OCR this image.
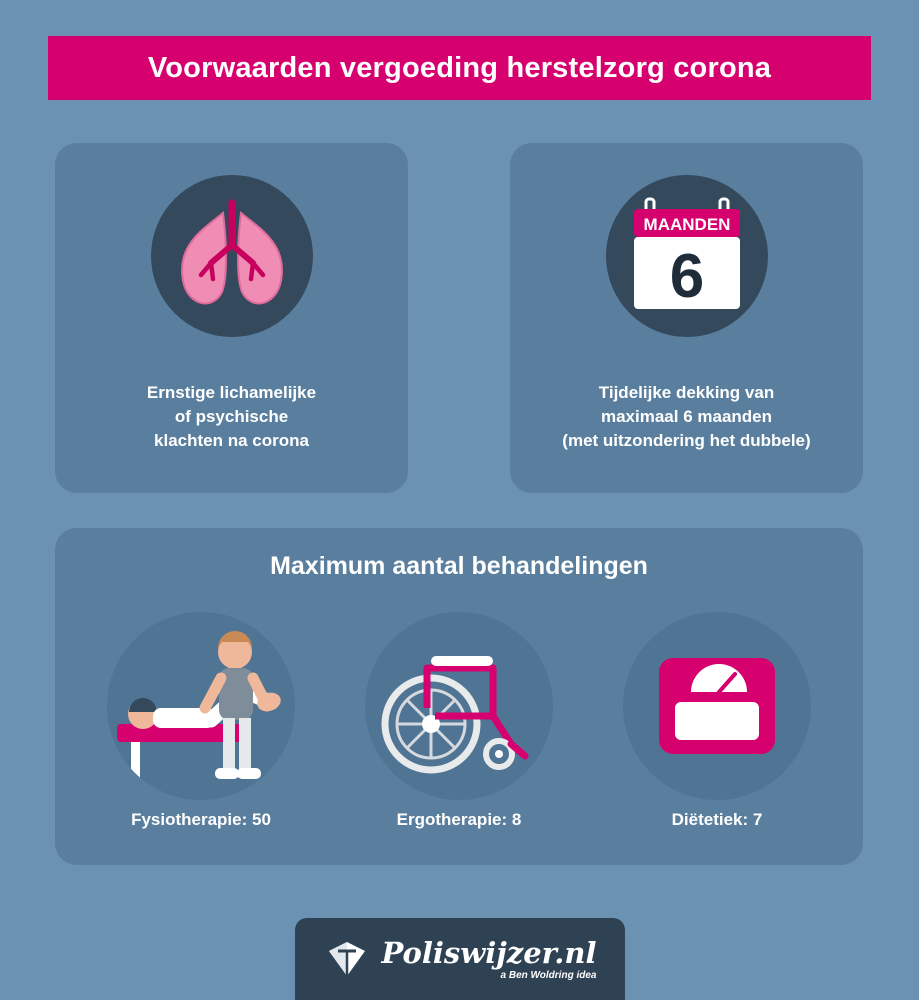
Voorwaarden vergoeding herstelzorg corona
Ernstige lichamelijke
of psychische
klachten na corona
MAANDEN
6
Tijdelijke dekking van
maximaal 6 maanden
(met uitzondering het dubbele)
Maximum aantal behandelingen
Fysiotherapie: 50	Ergotherapie: 8	Diëtetiek: 7
Poliswijzer.nl
a Ben Woldring idea
